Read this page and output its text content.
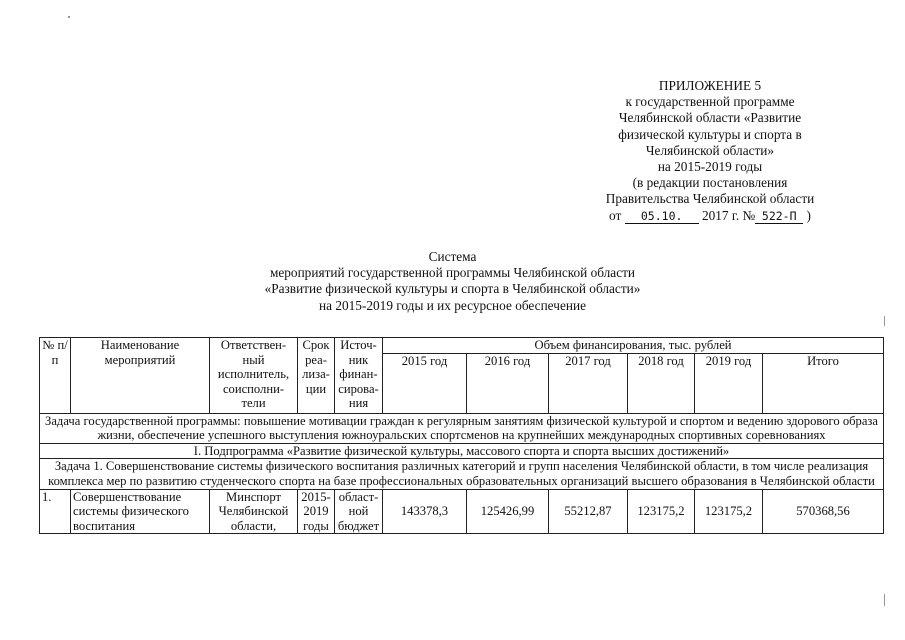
ПРИЛОЖЕНИЕ 5
к государственной программе
Челябинской области «Развитие
физической культуры и спорта в
Челябинской области»
на 2015-2019 годы
(в редакции постановления
Правительства Челябинской области
от 05.10. 2017 г. № 522-П )
Система
мероприятий государственной программы Челябинской области
«Развитие физической культуры и спорта в Челябинской области»
на 2015-2019 годы и их ресурсное обеспечение
№ п/п	Наименование мероприятий	Ответствен-ный исполнитель, соисполни-тели	Срок реа-лиза-ции	Источ-ник финан-сирова-ния	Объем финансирования, тыс. рублей					
					2015 год	2016 год	2017 год	2018 год	2019 год	Итого
Задача государственной программы: повышение мотивации граждан к регулярным занятиям физической культурой и спортом и ведению здорового образа жизни, обеспечение успешного выступления южноуральских спортсменов на крупнейших международных спортивных соревнованиях										
I. Подпрограмма «Развитие физической культуры, массового спорта и спорта высших достижений»										
Задача 1. Совершенствование системы физического воспитания различных категорий и групп населения Челябинской области, в том числе реализация комплекса мер по развитию студенческого спорта на базе профессиональных образовательных организаций высшего образования в Челябинской области										
1.	Совершенствование системы физического воспитания	Минспорт Челябинской области,	2015-2019 годы	област-ной бюджет	143378,3	125426,99	55212,87	123175,2	123175,2	570368,56
